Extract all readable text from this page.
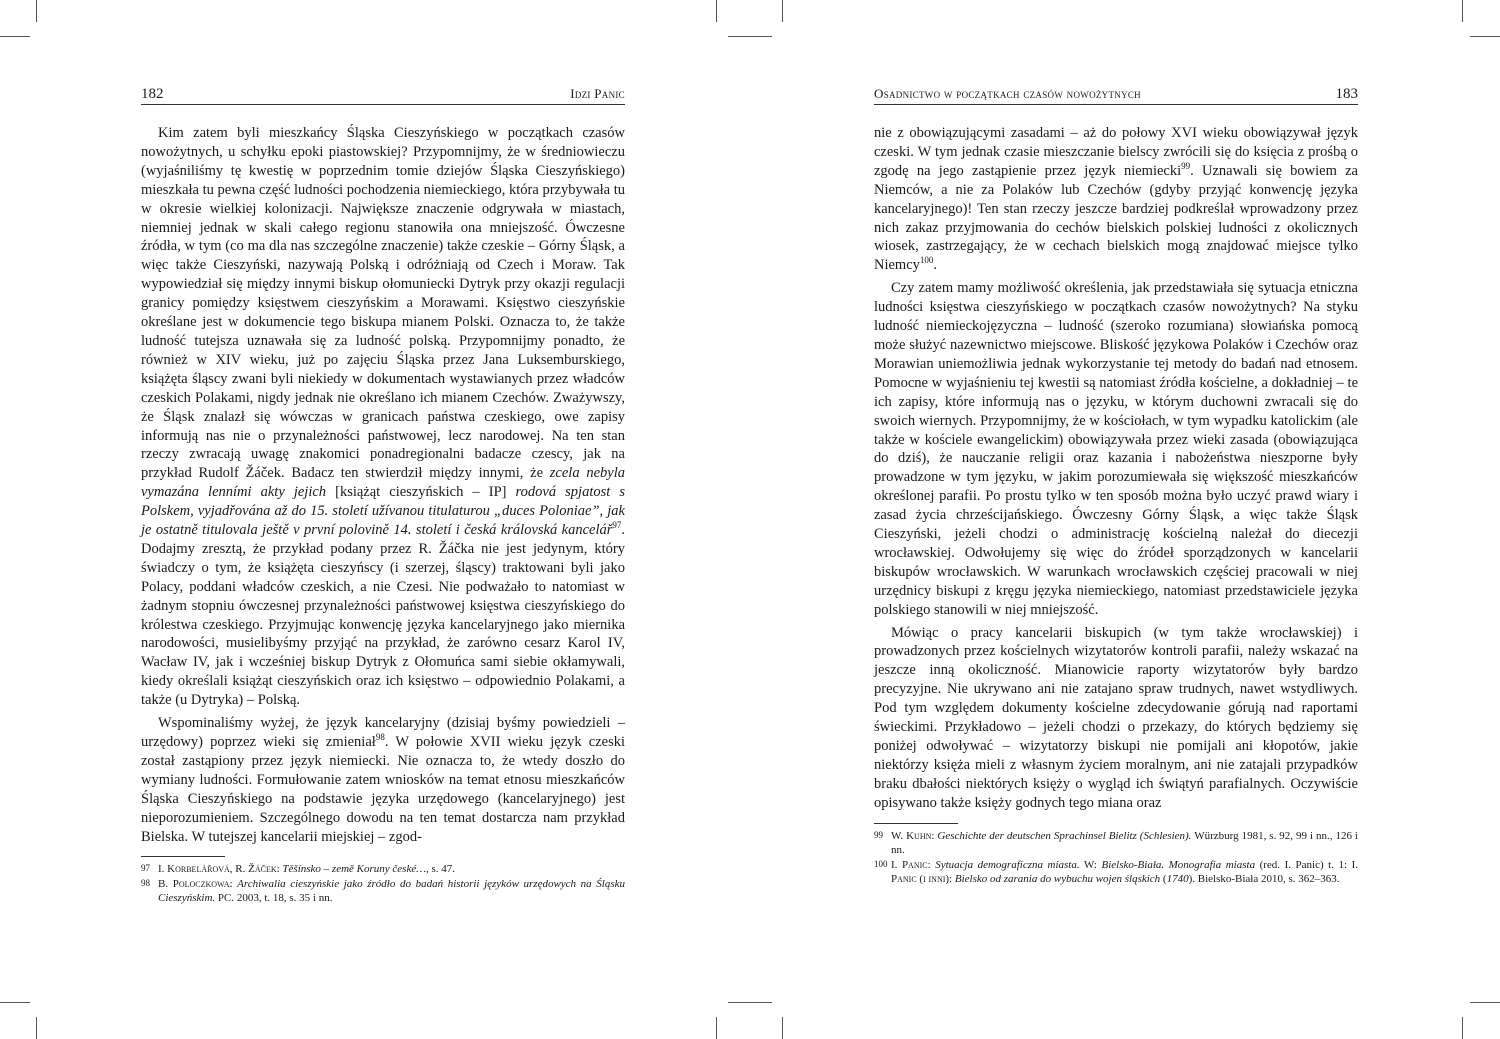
182	Idzi Panic

Kim zatem byli mieszkańcy Śląska Cieszyńskiego w początkach czasów nowożytnych, u schyłku epoki piastowskiej? Przypomnijmy, że w średniowieczu (wyjaśniliśmy tę kwestię w poprzednim tomie dziejów Śląska Cieszyńskiego) mieszkała tu pewna część ludności pochodzenia niemieckiego, która przybywała tu w okresie wielkiej kolonizacji. Największe znaczenie odgrywała w miastach, niemniej jednak w skali całego regionu stanowiła ona mniejszość. Ówczesne źródła, w tym (co ma dla nas szczególne znaczenie) także czeskie – Górny Śląsk, a więc także Cieszyński, nazywają Polską i odróżniają od Czech i Moraw. Tak wypowiedział się między innymi biskup ołomuniecki Dytryk przy okazji regulacji granicy pomiędzy księstwem cieszyńskim a Morawami. Księstwo cieszyńskie określane jest w dokumencie tego biskupa mianem Polski. Oznacza to, że także ludność tutejsza uznawała się za ludność polską. Przypomnijmy ponadto, że również w XIV wieku, już po zajęciu Śląska przez Jana Luksemburskiego, książęta śląscy zwani byli niekiedy w dokumentach wystawianych przez władców czeskich Polakami, nigdy jednak nie określano ich mianem Czechów. Zważywszy, że Śląsk znalazł się wówczas w granicach państwa czeskiego, owe zapisy informują nas nie o przynależności państwowej, lecz narodowej. Na ten stan rzeczy zwracają uwagę znakomici ponadregionalni badacze czescy, jak na przykład Rudolf Žáček. Badacz ten stwierdził między innymi, że zcela nebyla vymazána lenními akty jejich [książąt cieszyńskich – IP] rodová spjatost s Polskem, vyjadřována až do 15. století užívanou titulaturou „duces Poloniae”, jak je ostatně titulovala ještě v první polovině 14. století i česká královská kancelář$^{97}$. Dodajmy zresztą, że przykład podany przez R. Žáčka nie jest jedynym, który świadczy o tym, że książęta cieszyńscy (i szerzej, śląscy) traktowani byli jako Polacy, poddani władców czeskich, a nie Czesi. Nie podważało to natomiast w żadnym stopniu ówczesnej przynależności państwowej księstwa cieszyńskiego do królestwa czeskiego. Przyjmując konwencję języka kancelaryjnego jako miernika narodowości, musielibyśmy przyjąć na przykład, że zarówno cesarz Karol IV, Wacław IV, jak i wcześniej biskup Dytryk z Ołomuńca sami siebie okłamywali, kiedy określali książąt cieszyńskich oraz ich księstwo – odpowiednio Polakami, a także (u Dytryka) – Polską.

Wspominaliśmy wyżej, że język kancelaryjny (dzisiaj byśmy powiedzieli – urzędowy) poprzez wieki się zmieniał$^{98}$. W połowie XVII wieku język czeski został zastąpiony przez język niemiecki. Nie oznacza to, że wtedy doszło do wymiany ludności. Formułowanie zatem wniosków na temat etnosu mieszkańców Śląska Cieszyńskiego na podstawie języka urzędowego (kancelaryjnego) jest nieporozumieniem. Szczególnego dowodu na ten temat dostarcza nam przykład Bielska. W tutejszej kancelarii miejskiej – zgod-

97 I. Korbelářová, R. Žáček: Těšínsko – země Koruny české…, s. 47.

98 B. Poloczkowa: Archiwalia cieszyńskie jako źródło do badań historii języków urzędowych na Śląsku Cieszyńskim. PC. 2003, t. 18, s. 35 i nn.

Osadnictwo w początkach czasów nowożytnych	183

nie z obowiązującymi zasadami – aż do połowy XVI wieku obowiązywał język czeski. W tym jednak czasie mieszczanie bielscy zwrócili się do księcia z prośbą o zgodę na jego zastąpienie przez język niemiecki$^{99}$. Uznawali się bowiem za Niemców, a nie za Polaków lub Czechów (gdyby przyjąć konwencję języka kancelaryjnego)! Ten stan rzeczy jeszcze bardziej podkreślał wprowadzony przez nich zakaz przyjmowania do cechów bielskich polskiej ludności z okolicznych wiosek, zastrzegający, że w cechach bielskich mogą znajdować miejsce tylko Niemcy$^{100}$.

Czy zatem mamy możliwość określenia, jak przedstawiała się sytuacja etniczna ludności księstwa cieszyńskiego w początkach czasów nowożytnych? Na styku ludność niemieckojęzyczna – ludność (szeroko rozumiana) słowiańska pomocą może służyć nazewnictwo miejscowe. Bliskość językowa Polaków i Czechów oraz Morawian uniemożliwia jednak wykorzystanie tej metody do badań nad etnosem. Pomocne w wyjaśnieniu tej kwestii są natomiast źródła kościelne, a dokładniej – te ich zapisy, które informują nas o języku, w którym duchowni zwracali się do swoich wiernych. Przypomnijmy, że w kościołach, w tym wypadku katolickim (ale także w kościele ewangelickim) obowiązywała przez wieki zasada (obowiązująca do dziś), że nauczanie religii oraz kazania i nabożeństwa nieszporne były prowadzone w tym języku, w jakim porozumiewała się większość mieszkańców określonej parafii. Po prostu tylko w ten sposób można było uczyć prawd wiary i zasad życia chrześcijańskiego. Ówczesny Górny Śląsk, a więc także Śląsk Cieszyński, jeżeli chodzi o administrację kościelną należał do diecezji wrocławskiej. Odwołujemy się więc do źródeł sporządzonych w kancelarii biskupów wrocławskich. W warunkach wrocławskich częściej pracowali w niej urzędnicy biskupi z kręgu języka niemieckiego, natomiast przedstawiciele języka polskiego stanowili w niej mniejszość.

Mówiąc o pracy kancelarii biskupich (w tym także wrocławskiej) i prowadzonych przez kościelnych wizytatorów kontroli parafii, należy wskazać na jeszcze inną okoliczność. Mianowicie raporty wizytatorów były bardzo precyzyjne. Nie ukrywano ani nie zatajano spraw trudnych, nawet wstydliwych. Pod tym względem dokumenty kościelne zdecydowanie górują nad raportami świeckimi. Przykładowo – jeżeli chodzi o przekazy, do których będziemy się poniżej odwoływać – wizytatorzy biskupi nie pomijali ani kłopotów, jakie niektórzy księża mieli z własnym życiem moralnym, ani nie zatajali przypadków braku dbałości niektórych księży o wygląd ich świątyń parafialnych. Oczywiście opisywano także księży godnych tego miana oraz

99 W. Kuhn: Geschichte der deutschen Sprachinsel Bielitz (Schlesien). Würzburg 1981, s. 92, 99 i nn., 126 i nn.

100 I. Panic: Sytuacja demograficzna miasta. W: Bielsko-Biała. Monografia miasta (red. I. Panic) t. 1: I. Panic (i inni): Bielsko od zarania do wybuchu wojen śląskich (1740). Bielsko-Biała 2010, s. 362–363.
